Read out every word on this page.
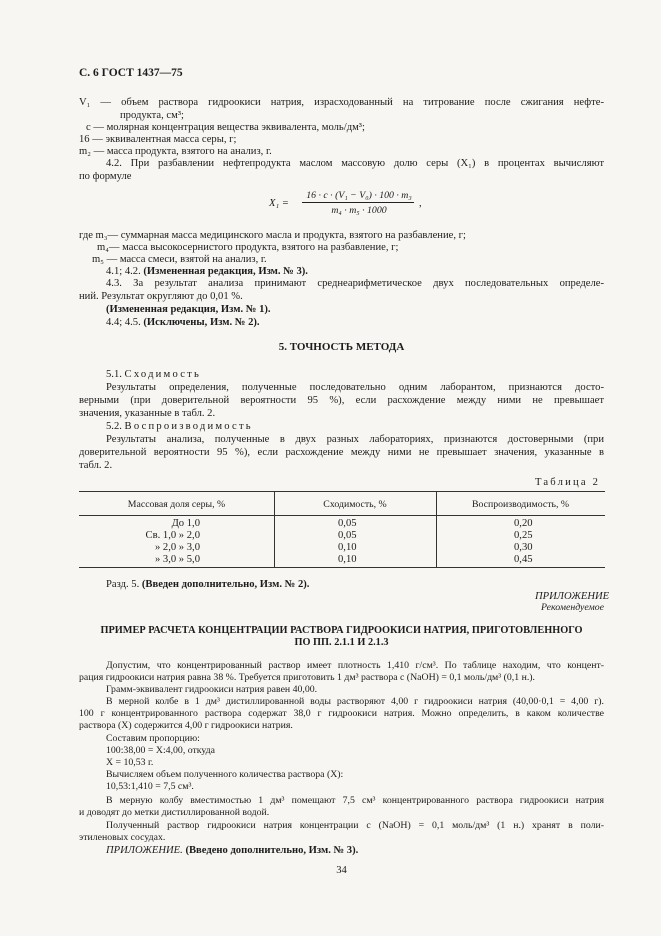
С. 6 ГОСТ 1437—75
V₁ — объем раствора гидроокиси натрия, израсходованный на титрование после сжигания нефте-
продукта, см³;
c — молярная концентрация вещества эквивалента, моль/дм³;
16 — эквивалентная масса серы, г;
m₂ — масса продукта, взятого на анализ, г.
4.2. При разбавлении нефтепродукта маслом массовую долю серы (X₁) в процентах вычисляют
по формуле
X₁ =
16 · c · (V₁ − V₀) · 100 · m₃
m₄ · m₅ · 1000
,
где m₃— суммарная масса медицинского масла и продукта, взятого на разбавление, г;
m₄— масса высокосернистого продукта, взятого на разбавление, г;
m₅ — масса смеси, взятой на анализ, г.
4.1; 4.2. (Измененная редакция, Изм. № 3).
4.3. За результат анализа принимают среднеарифметическое двух последовательных определе-
ний. Результат округляют до 0,01 %.
(Измененная редакция, Изм. № 1).
4.4; 4.5. (Исключены, Изм. № 2).
5. ТОЧНОСТЬ МЕТОДА
5.1. Сходимость
Результаты определения, полученные последовательно одним лаборантом, признаются досто-
верными (при доверительной вероятности 95 %), если расхождение между ними не превышает
значения, указанные в табл. 2.
5.2. Воспроизводимость
Результаты анализа, полученные в двух разных лабораториях, признаются достоверными (при
доверительной вероятности 95 %), если расхождение между ними не превышает значения, указанные в
табл. 2.
Таблица 2
Массовая доля серы, %	Сходимость, %	Воспроизводимость, %
До 1,0	0,05	0,20
Св. 1,0 » 2,0	0,05	0,25
» 2,0 » 3,0	0,10	0,30
» 3,0 » 5,0	0,10	0,45
Разд. 5. (Введен дополнительно, Изм. № 2).
ПРИЛОЖЕНИЕ
Рекомендуемое
ПРИМЕР РАСЧЕТА КОНЦЕНТРАЦИИ РАСТВОРА ГИДРООКИСИ НАТРИЯ, ПРИГОТОВЛЕННОГО
ПО ПП. 2.1.1 И 2.1.3
Допустим, что концентрированный раствор имеет плотность 1,410 г/см³. По таблице находим, что концент-
рация гидроокиси натрия равна 38 %. Требуется приготовить 1 дм³ раствора c (NaOH) = 0,1 моль/дм³ (0,1 н.).
Грамм-эквивалент гидроокиси натрия равен 40,00.
В мерной колбе в 1 дм³ дистиллированной воды растворяют 4,00 г гидроокиси натрия (40,00·0,1 = 4,00 г).
100 г концентрированного раствора содержат 38,0 г гидроокиси натрия. Можно определить, в каком количестве
раствора (X) содержится 4,00 г гидроокиси натрия.
Составим пропорцию:
100:38,00 = X:4,00, откуда
X = 10,53 г.
Вычисляем объем полученного количества раствора (X):
10,53:1,410 = 7,5 см³.
В мерную колбу вместимостью 1 дм³ помещают 7,5 см³ концентрированного раствора гидроокиси натрия
и доводят до метки дистиллированной водой.
Полученный раствор гидроокиси натрия концентрации c (NaOH) = 0,1 моль/дм³ (1 н.) хранят в поли-
этиленовых сосудах.
ПРИЛОЖЕНИЕ. (Введено дополнительно, Изм. № 3).
34
